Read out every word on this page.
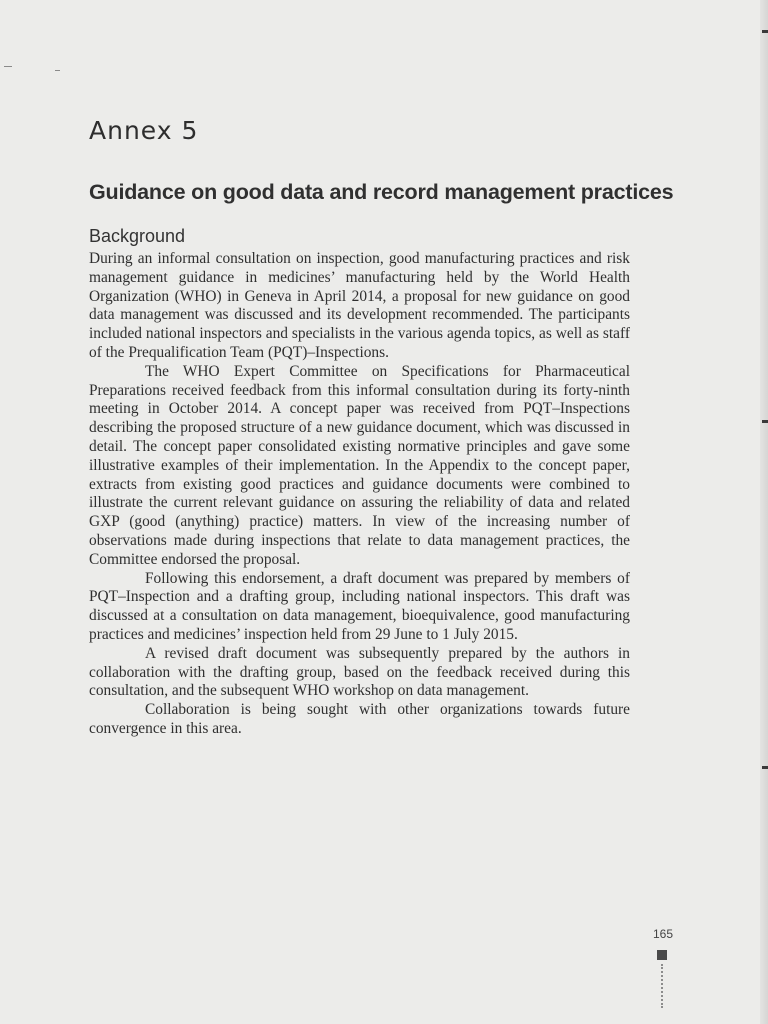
Annex 5
Guidance on good data and record management practices
Background

During an informal consultation on inspection, good manufacturing practices and risk management guidance in medicines’ manufacturing held by the World Health Organization (WHO) in Geneva in April 2014, a proposal for new guidance on good data management was discussed and its development recommended. The participants included national inspectors and specialists in the various agenda topics, as well as staff of the Prequalification Team (PQT)–Inspections.

The WHO Expert Committee on Specifications for Pharmaceutical Preparations received feedback from this informal consultation during its forty-ninth meeting in October 2014. A concept paper was received from PQT–Inspections describing the proposed structure of a new guidance document, which was discussed in detail. The concept paper consolidated existing normative principles and gave some illustrative examples of their implementation. In the Appendix to the concept paper, extracts from existing good practices and guidance documents were combined to illustrate the current relevant guidance on assuring the reliability of data and related GXP (good (anything) practice) matters. In view of the increasing number of observations made during inspections that relate to data management practices, the Committee endorsed the proposal.

Following this endorsement, a draft document was prepared by members of PQT–Inspection and a drafting group, including national inspectors. This draft was discussed at a consultation on data management, bioequivalence, good manufacturing practices and medicines’ inspection held from 29 June to 1 July 2015.

A revised draft document was subsequently prepared by the authors in collaboration with the drafting group, based on the feedback received during this consultation, and the subsequent WHO workshop on data management.

Collaboration is being sought with other organizations towards future convergence in this area.

165
